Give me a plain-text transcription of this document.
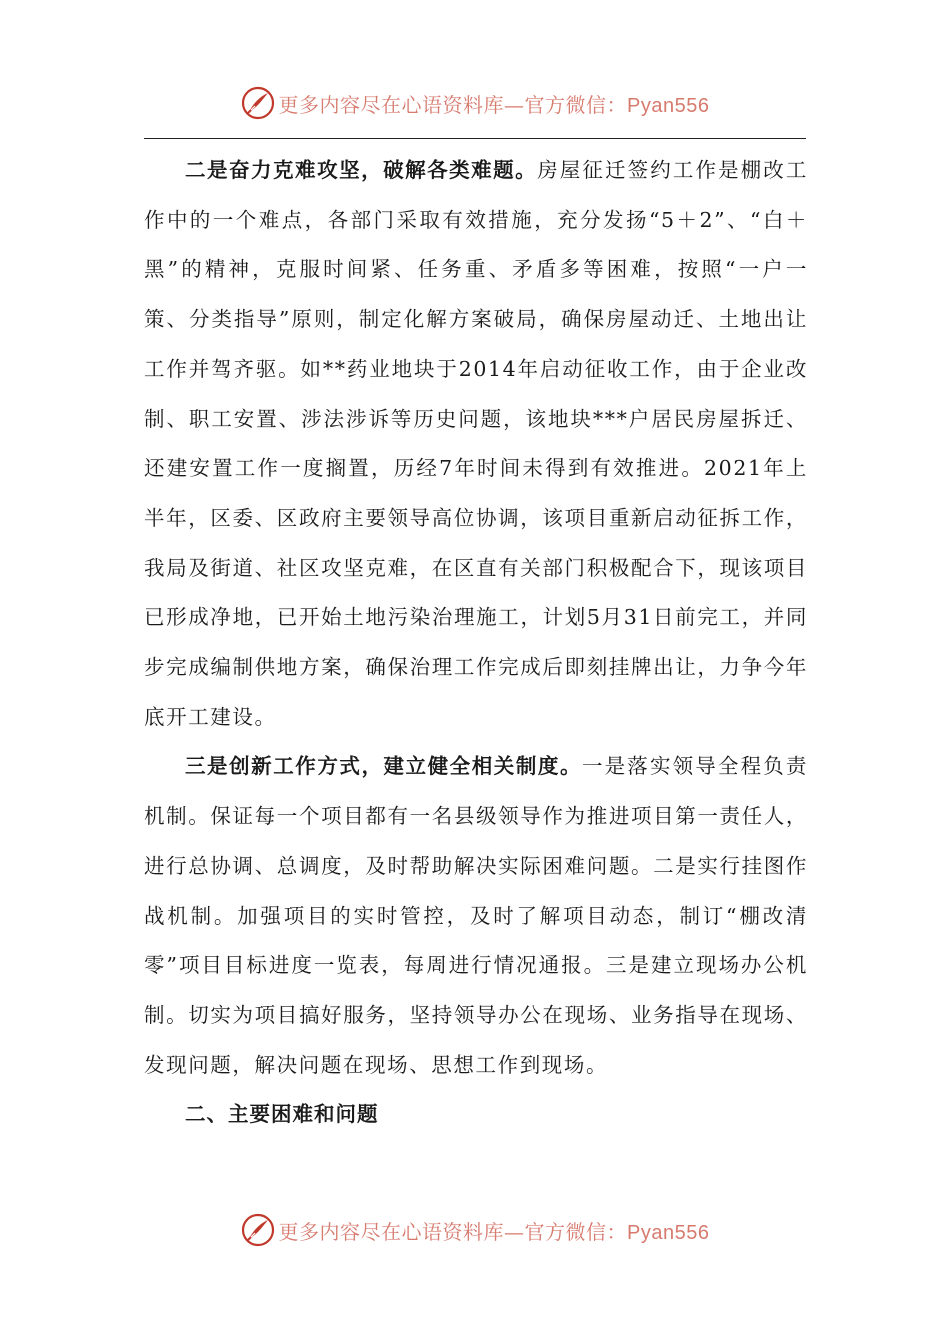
更多内容尽在心语资料库—官方微信：Pyan556

二是奋力克难攻坚，破解各类难题。房屋征迁签约工作是棚改工作中的一个难点，各部门采取有效措施，充分发扬“5＋2”、“白＋黑”的精神，克服时间紧、任务重、矛盾多等困难，按照“一户一策、分类指导”原则，制定化解方案破局，确保房屋动迁、土地出让工作并驾齐驱。如**药业地块于2014年启动征收工作，由于企业改制、职工安置、涉法涉诉等历史问题，该地块***户居民房屋拆迁、还建安置工作一度搁置，历经7年时间未得到有效推进。2021年上半年，区委、区政府主要领导高位协调，该项目重新启动征拆工作，我局及街道、社区攻坚克难，在区直有关部门积极配合下，现该项目已形成净地，已开始土地污染治理施工，计划5月31日前完工，并同步完成编制供地方案，确保治理工作完成后即刻挂牌出让，力争今年底开工建设。

三是创新工作方式，建立健全相关制度。一是落实领导全程负责机制。保证每一个项目都有一名县级领导作为推进项目第一责任人，进行总协调、总调度，及时帮助解决实际困难问题。二是实行挂图作战机制。加强项目的实时管控，及时了解项目动态，制订“棚改清零”项目目标进度一览表，每周进行情况通报。三是建立现场办公机制。切实为项目搞好服务，坚持领导办公在现场、业务指导在现场、发现问题，解决问题在现场、思想工作到现场。

二、主要困难和问题

更多内容尽在心语资料库—官方微信：Pyan556
